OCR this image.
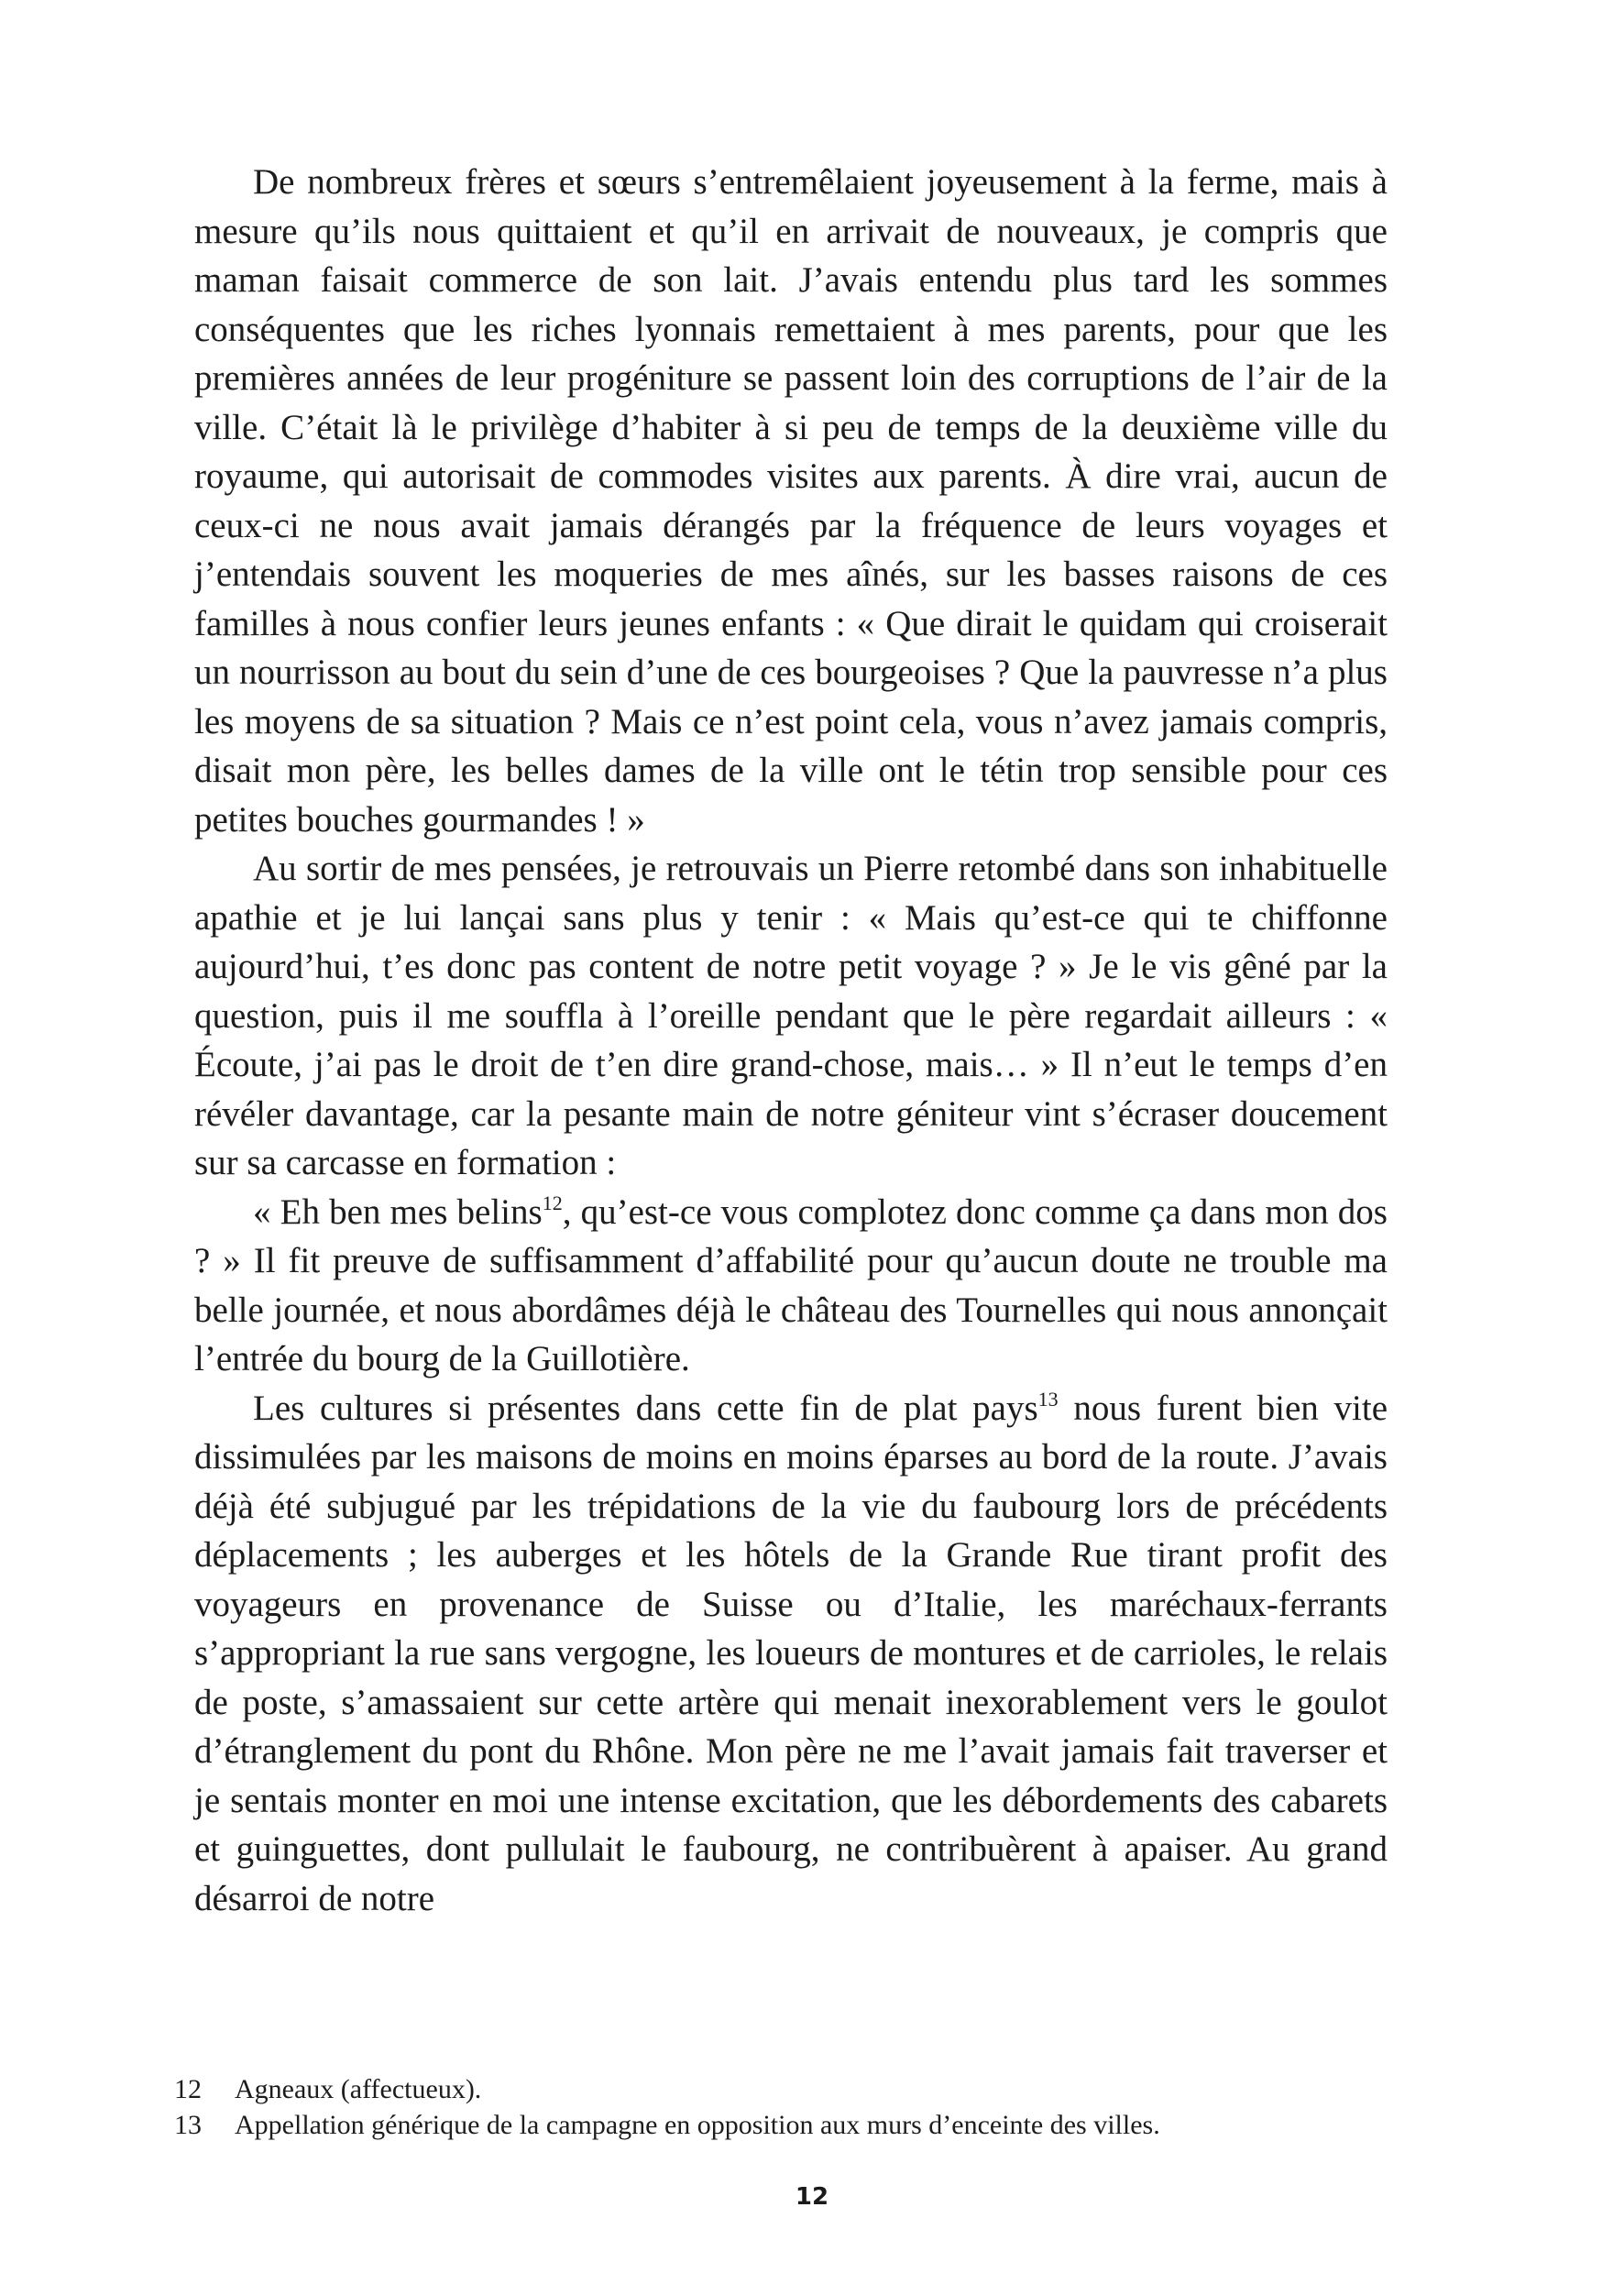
De nombreux frères et sœurs s’entremêlaient joyeusement à la ferme, mais à mesure qu’ils nous quittaient et qu’il en arrivait de nouveaux, je compris que maman faisait commerce de son lait. J’avais entendu plus tard les sommes conséquentes que les riches lyonnais remettaient à mes parents, pour que les premières années de leur progéniture se passent loin des corruptions de l’air de la ville. C’était là le privilège d’habiter à si peu de temps de la deuxième ville du royaume, qui autorisait de commodes visites aux parents. À dire vrai, aucun de ceux-ci ne nous avait jamais dérangés par la fréquence de leurs voyages et j’entendais souvent les moqueries de mes aînés, sur les basses raisons de ces familles à nous confier leurs jeunes enfants : « Que dirait le quidam qui croiserait un nourrisson au bout du sein d’une de ces bourgeoises ? Que la pauvresse n’a plus les moyens de sa situation ? Mais ce n’est point cela, vous n’avez jamais compris, disait mon père, les belles dames de la ville ont le tétin trop sensible pour ces petites bouches gourmandes ! »

Au sortir de mes pensées, je retrouvais un Pierre retombé dans son inhabituelle apathie et je lui lançai sans plus y tenir : « Mais qu’est-ce qui te chiffonne aujourd’hui, t’es donc pas content de notre petit voyage ? » Je le vis gêné par la question, puis il me souffla à l’oreille pendant que le père regardait ailleurs : « Écoute, j’ai pas le droit de t’en dire grand-chose, mais… » Il n’eut le temps d’en révéler davantage, car la pesante main de notre géniteur vint s’écraser doucement sur sa carcasse en formation :

« Eh ben mes belins$^{12}$, qu’est-ce vous complotez donc comme ça dans mon dos ? » Il fit preuve de suffisamment d’affabilité pour qu’aucun doute ne trouble ma belle journée, et nous abordâmes déjà le château des Tournelles qui nous annonçait l’entrée du bourg de la Guillotière.

Les cultures si présentes dans cette fin de plat pays$^{13}$ nous furent bien vite dissimulées par les maisons de moins en moins éparses au bord de la route. J’avais déjà été subjugué par les trépidations de la vie du faubourg lors de précédents déplacements ; les auberges et les hôtels de la Grande Rue tirant profit des voyageurs en provenance de Suisse ou d’Italie, les maréchaux-ferrants s’appropriant la rue sans vergogne, les loueurs de montures et de carrioles, le relais de poste, s’amassaient sur cette artère qui menait inexorablement vers le goulot d’étranglement du pont du Rhône. Mon père ne me l’avait jamais fait traverser et je sentais monter en moi une intense excitation, que les débordements des cabarets et guinguettes, dont pullulait le faubourg, ne contribuèrent à apaiser. Au grand désarroi de notre

12	Agneaux (affectueux).
13	Appellation générique de la campagne en opposition aux murs d’enceinte des villes.
12
